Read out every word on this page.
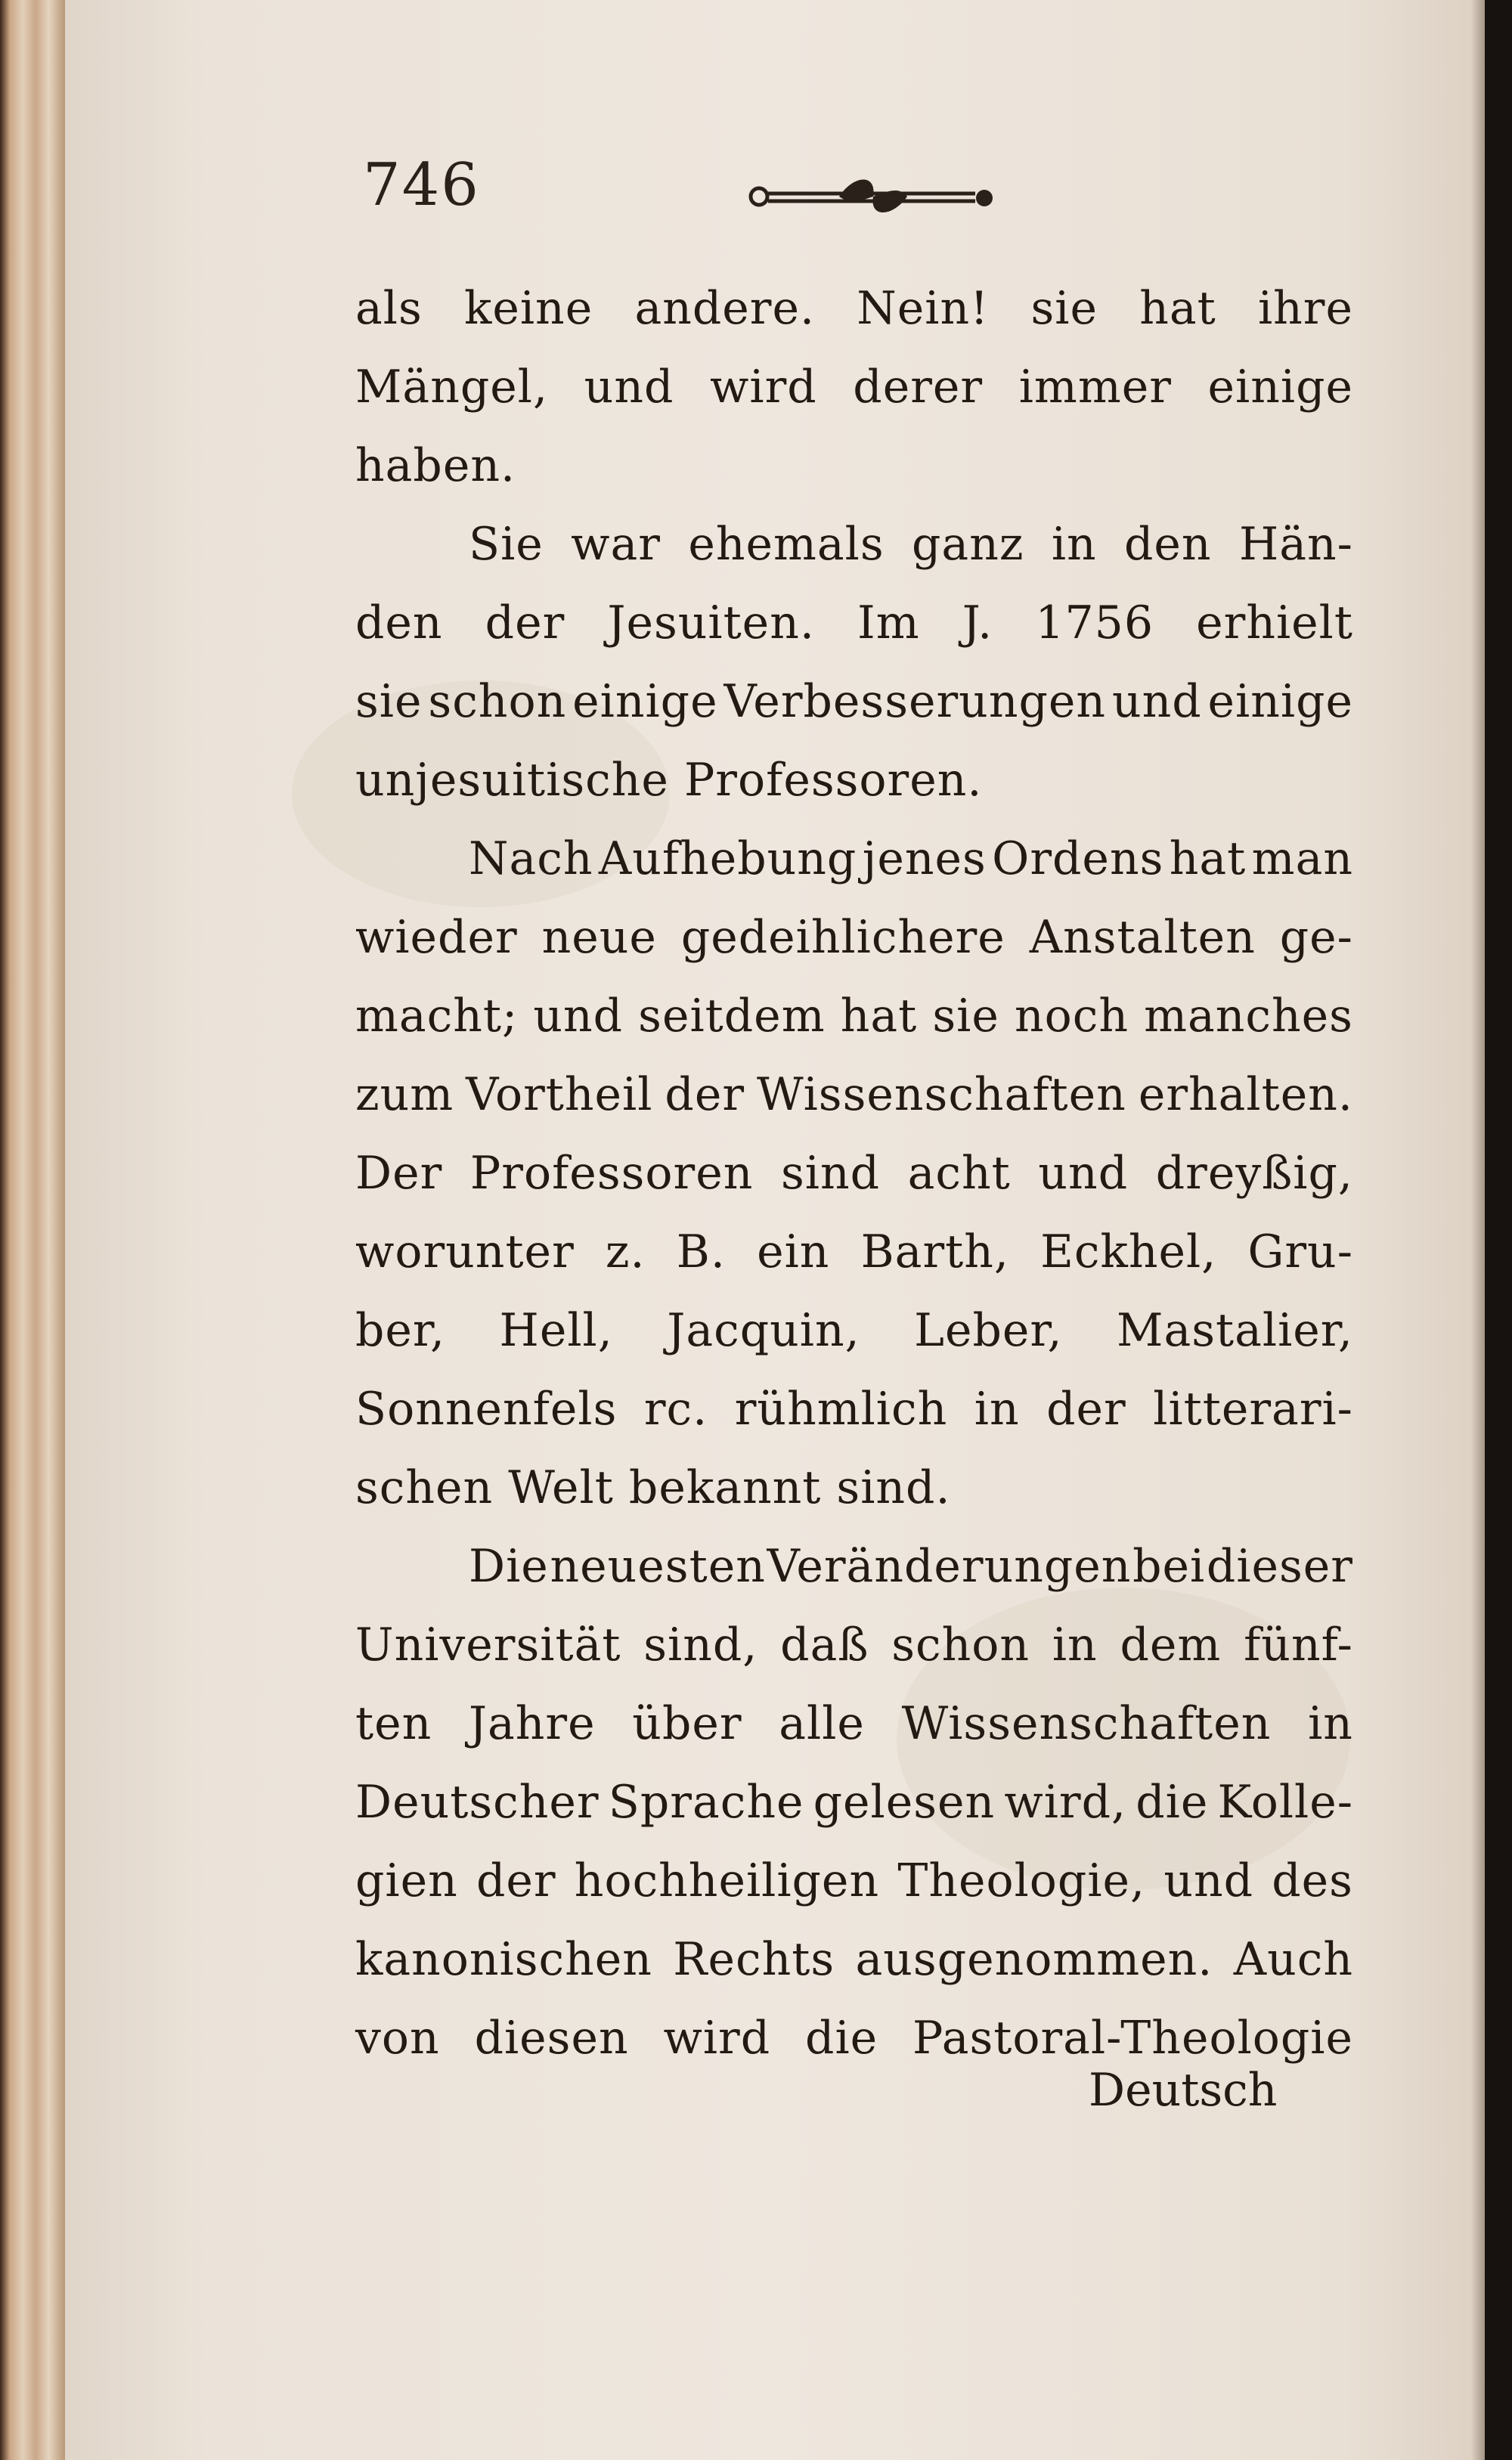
746
als keine andere. Nein! sie hat ihre
Mängel, und wird derer immer einige
haben.
Sie war ehemals ganz in den Hän-
den der Jesuiten. Im J. 1756 erhielt
sie schon einige Verbesserungen und einige
unjesuitische Professoren.
Nach Aufhebung jenes Ordens hat man
wieder neue gedeihlichere Anstalten ge-
macht; und seitdem hat sie noch manches
zum Vortheil der Wissenschaften erhalten.
Der Professoren sind acht und dreyßig,
worunter z. B. ein Barth, Eckhel, Gru-
ber, Hell, Jacquin, Leber, Mastalier,
Sonnenfels rc. rühmlich in der litterari-
schen Welt bekannt sind.
Die neuesten Veränderungen bei dieser
Universität sind, daß schon in dem fünf-
ten Jahre über alle Wissenschaften in
Deutscher Sprache gelesen wird, die Kolle-
gien der hochheiligen Theologie, und des
kanonischen Rechts ausgenommen. Auch
von diesen wird die Pastoral-Theologie
Deutsch
